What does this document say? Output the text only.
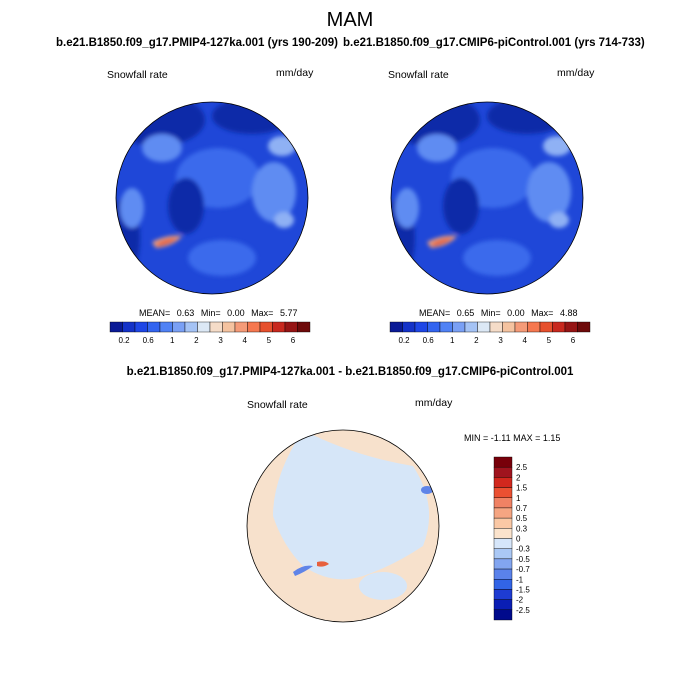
MAM
b.e21.B1850.f09_g17.PMIP4-127ka.001 (yrs 190-209)
Snowfall rate	mm/day
MEAN= 0.63 Min= 0.00 Max= 5.77
b.e21.B1850.f09_g17.CMIP6-piControl.001 (yrs 714-733)
Snowfall rate	mm/day
MEAN= 0.65 Min= 0.00 Max= 4.88
b.e21.B1850.f09_g17.PMIP4-127ka.001 - b.e21.B1850.f09_g17.CMIP6-piControl.001
Snowfall rate	mm/day
MIN = -1.11 MAX = 1.15
0.2 0.6 1 2 3 4 5 6	0.2 0.6 1 2 3 4 5 6
2.5
2
1.5
1
0.7
0.5
0.3
0
-0.3
-0.5
-0.7
-1
-1.5
-2
-2.5
